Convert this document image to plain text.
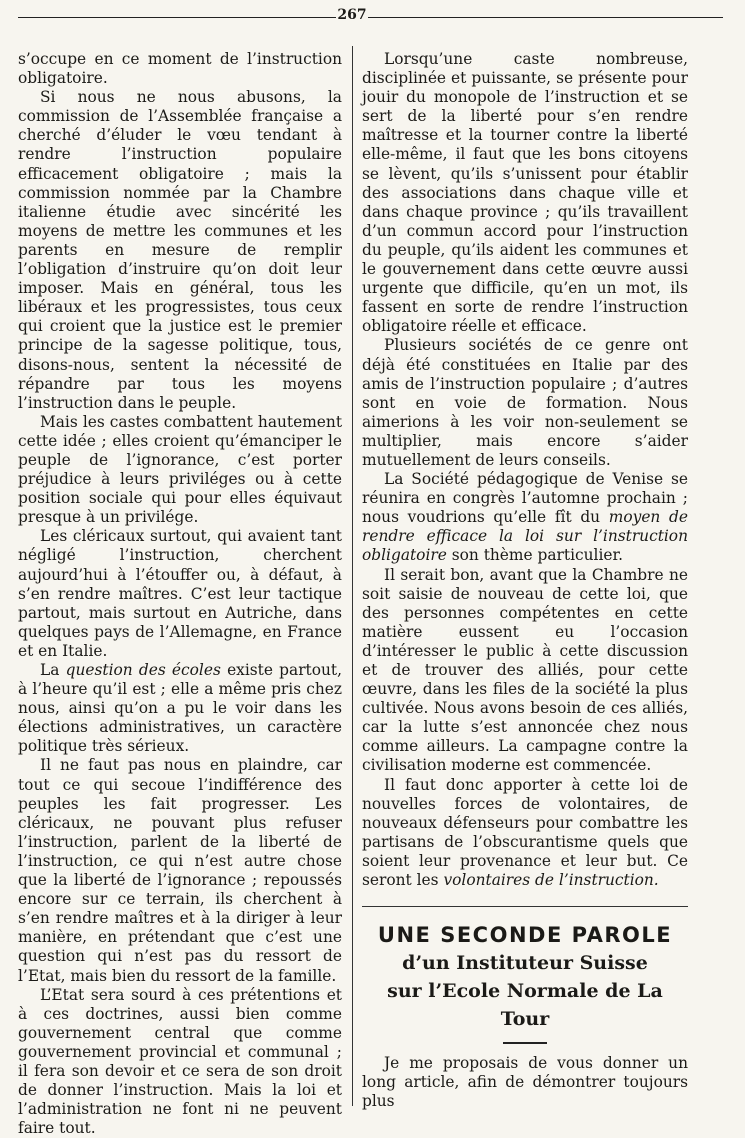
267

s’occupe en ce moment de l’instruction obligatoire.

Si nous ne nous abusons, la commission de l’Assemblée française a cherché d’éluder le vœu tendant à rendre l’instruction populaire efficacement obligatoire ; mais la commission nommée par la Chambre italienne étudie avec sincérité les moyens de mettre les communes et les parents en mesure de remplir l’obligation d’instruire qu’on doit leur imposer. Mais en général, tous les libéraux et les progressistes, tous ceux qui croient que la justice est le premier principe de la sagesse politique, tous, disons-nous, sentent la nécessité de répandre par tous les moyens l’instruction dans le peuple.

Mais les castes combattent hautement cette idée ; elles croient qu’émanciper le peuple de l’ignorance, c’est porter préjudice à leurs priviléges ou à cette position sociale qui pour elles équivaut presque à un privilége.

Les cléricaux surtout, qui avaient tant négligé l’instruction, cherchent aujourd’hui à l’étouffer ou, à défaut, à s’en rendre maîtres. C’est leur tactique partout, mais surtout en Autriche, dans quelques pays de l’Allemagne, en France et en Italie.

La question des écoles existe partout, à l’heure qu’il est ; elle a même pris chez nous, ainsi qu’on a pu le voir dans les élections administratives, un caractère politique très sérieux.

Il ne faut pas nous en plaindre, car tout ce qui secoue l’indifférence des peuples les fait progresser. Les cléricaux, ne pouvant plus refuser l’instruction, parlent de la liberté de l’instruction, ce qui n’est autre chose que la liberté de l’ignorance ; repoussés encore sur ce terrain, ils cherchent à s’en rendre maîtres et à la diriger à leur manière, en prétendant que c’est une question qui n’est pas du ressort de l’Etat, mais bien du ressort de la famille.

L’Etat sera sourd à ces prétentions et à ces doctrines, aussi bien comme gouvernement central que comme gouvernement provincial et communal ; il fera son devoir et ce sera de son droit de donner l’instruction. Mais la loi et l’administration ne font ni ne peuvent faire tout.

Lorsqu’une caste nombreuse, disciplinée et puissante, se présente pour jouir du monopole de l’instruction et se sert de la liberté pour s’en rendre maîtresse et la tourner contre la liberté elle-même, il faut que les bons citoyens se lèvent, qu’ils s’unissent pour établir des associations dans chaque ville et dans chaque province ; qu’ils travaillent d’un commun accord pour l’instruction du peuple, qu’ils aident les communes et le gouvernement dans cette œuvre aussi urgente que difficile, qu’en un mot, ils fassent en sorte de rendre l’instruction obligatoire réelle et efficace.

Plusieurs sociétés de ce genre ont déjà été constituées en Italie par des amis de l’instruction populaire ; d’autres sont en voie de formation. Nous aimerions à les voir non-seulement se multiplier, mais encore s’aider mutuellement de leurs conseils.

La Société pédagogique de Venise se réunira en congrès l’automne prochain ; nous voudrions qu’elle fît du moyen de rendre efficace la loi sur l’instruction obligatoire son thème particulier.

Il serait bon, avant que la Chambre ne soit saisie de nouveau de cette loi, que des personnes compétentes en cette matière eussent eu l’occasion d’intéresser le public à cette discussion et de trouver des alliés, pour cette œuvre, dans les files de la société la plus cultivée. Nous avons besoin de ces alliés, car la lutte s’est annoncée chez nous comme ailleurs. La campagne contre la civilisation moderne est commencée.

Il faut donc apporter à cette loi de nouvelles forces de volontaires, de nouveaux défenseurs pour combattre les partisans de l’obscurantisme quels que soient leur provenance et leur but. Ce seront les volontaires de l’instruction.

UNE SECONDE PAROLE
d’un Instituteur Suisse
sur l’Ecole Normale de La Tour

Je me proposais de vous donner un long article, afin de démontrer toujours plus
